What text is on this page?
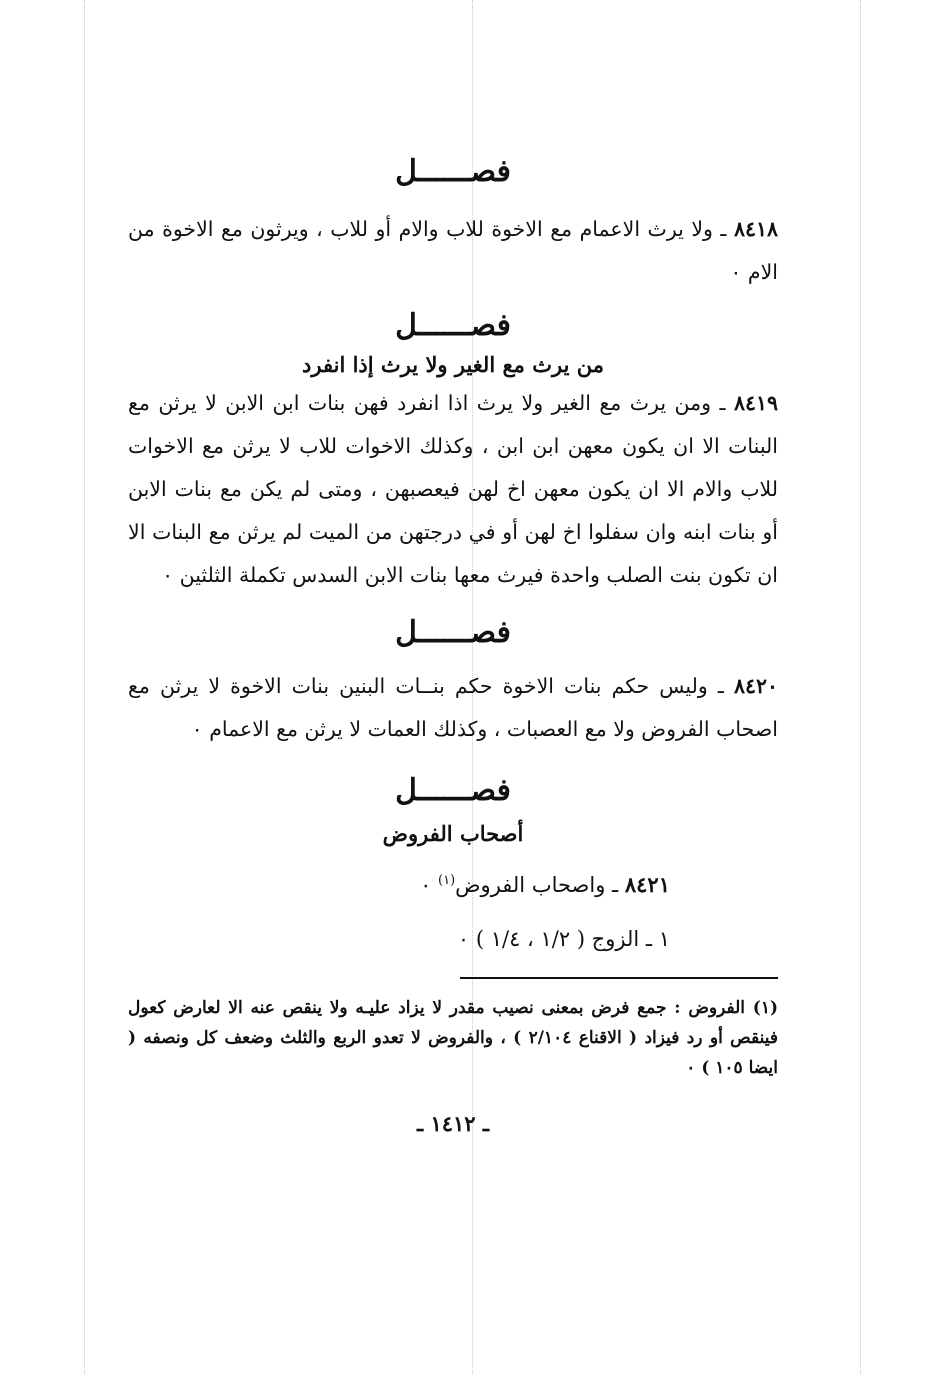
فصــــــل

٨٤١٨ ـ ولا يرث الاعمام مع الاخوة للاب والام أو للاب ، ويرثون مع الاخوة من الام ٠

فصــــــل
من يرث مع الغير ولا يرث إذا انفرد

٨٤١٩ ـ ومن يرث مع الغير ولا يرث اذا انفرد فهن بنات ابن الابن لا يرثن مع البنات الا ان يكون معهن ابن ابن ، وكذلك الاخوات للاب لا يرثن مع الاخوات للاب والام الا ان يكون معهن اخ لهن فيعصبهن ، ومتى لم يكن مع بنات الابن أو بنات ابنه وان سفلوا اخ لهن أو في درجتهن من الميت لم يرثن مع البنات الا ان تكون بنت الصلب واحدة فيرث معها بنات الابن السدس تكملة الثلثين ٠

فصــــــل

٨٤٢٠ ـ وليس حكم بنات الاخوة حكم بنــات البنين بنات الاخوة لا يرثن مع اصحاب الفروض ولا مع العصبات ، وكذلك العمات لا يرثن مع الاعمام ٠

فصــــــل
أصحاب الفروض

٨٤٢١ ـ واصحاب الفروض$^{(١)}$ ٠

١ ـ الزوج ( ١/٢ ، ١/٤ ) ٠

(١) الفروض : جمع فرض بمعنى نصيب مقدر لا يزاد عليـه ولا ينقص عنه الا لعارض كعول فينقص أو رد فيزاد ( الاقناع ٢/١٠٤ ) ، والفروض لا تعدو الربع والثلث وضعف كل ونصفه ( ايضا ١٠٥ ) ٠

ـ ١٤١٢ ـ
